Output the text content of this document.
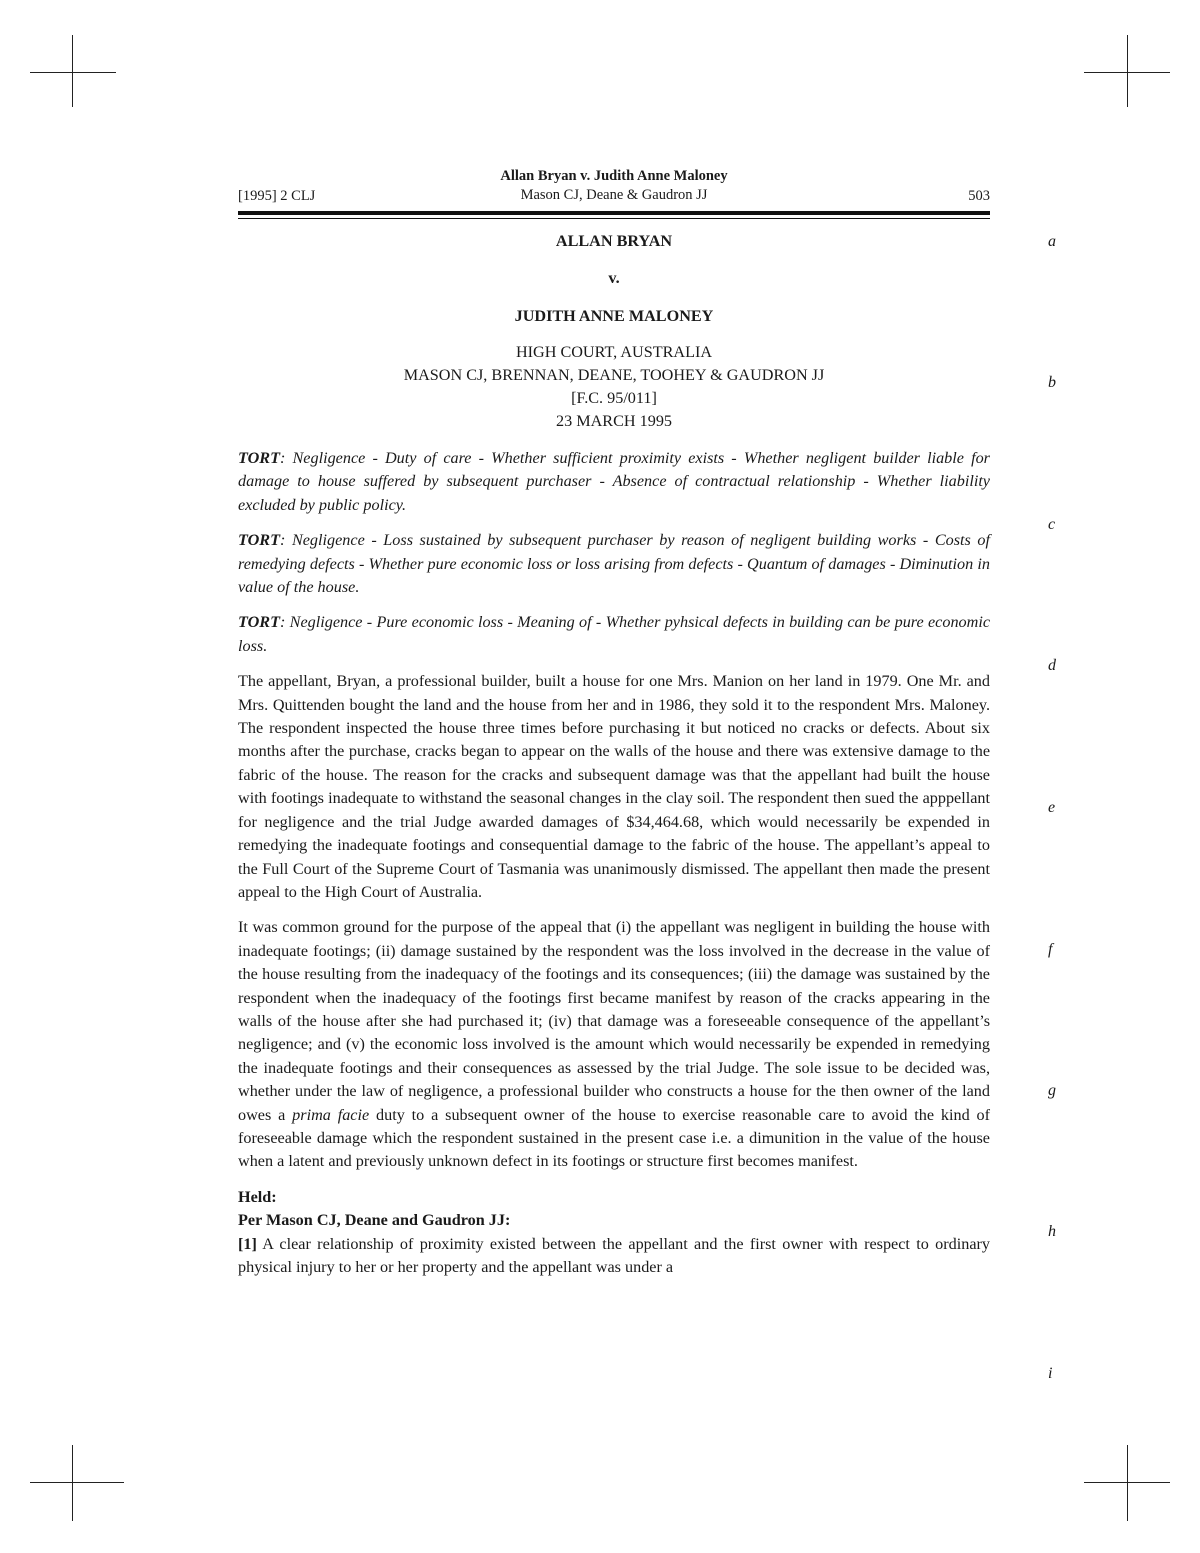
[1995] 2 CLJ
Allan Bryan v. Judith Anne Maloney
Mason CJ, Deane & Gaudron JJ	503
a
b
c
d
e
f
g
h
i

ALLAN BRYAN

v.

JUDITH ANNE MALONEY

HIGH COURT, AUSTRALIA

MASON CJ, BRENNAN, DEANE, TOOHEY & GAUDRON JJ

[F.C. 95/011]

23 MARCH 1995

TORT: Negligence - Duty of care - Whether sufficient proximity exists - Whether negligent builder liable for damage to house suffered by subsequent purchaser - Absence of contractual relationship - Whether liability excluded by public policy.

TORT: Negligence - Loss sustained by subsequent purchaser by reason of negligent building works - Costs of remedying defects - Whether pure economic loss or loss arising from defects - Quantum of damages - Diminution in value of the house.

TORT: Negligence - Pure economic loss - Meaning of - Whether pyhsical defects in building can be pure economic loss.

The appellant, Bryan, a professional builder, built a house for one Mrs. Manion on her land in 1979. One Mr. and Mrs. Quittenden bought the land and the house from her and in 1986, they sold it to the respondent Mrs. Maloney. The respondent inspected the house three times before purchasing it but noticed no cracks or defects. About six months after the purchase, cracks began to appear on the walls of the house and there was extensive damage to the fabric of the house. The reason for the cracks and subsequent damage was that the appellant had built the house with footings inadequate to withstand the seasonal changes in the clay soil. The respondent then sued the apppellant for negligence and the trial Judge awarded damages of $34,464.68, which would necessarily be expended in remedying the inadequate footings and consequential damage to the fabric of the house. The appellant’s appeal to the Full Court of the Supreme Court of Tasmania was unanimously dismissed. The appellant then made the present appeal to the High Court of Australia.

It was common ground for the purpose of the appeal that (i) the appellant was negligent in building the house with inadequate footings; (ii) damage sustained by the respondent was the loss involved in the decrease in the value of the house resulting from the inadequacy of the footings and its consequences; (iii) the damage was sustained by the respondent when the inadequacy of the footings first became manifest by reason of the cracks appearing in the walls of the house after she had purchased it; (iv) that damage was a foreseeable consequence of the appellant’s negligence; and (v) the economic loss involved is the amount which would necessarily be expended in remedying the inadequate footings and their consequences as assessed by the trial Judge. The sole issue to be decided was, whether under the law of negligence, a professional builder who constructs a house for the then owner of the land owes a prima facie duty to a subsequent owner of the house to exercise reasonable care to avoid the kind of foreseeable damage which the respondent sustained in the present case i.e. a dimunition in the value of the house when a latent and previously unknown defect in its footings or structure first becomes manifest.

Held:

Per Mason CJ, Deane and Gaudron JJ:

[1] A clear relationship of proximity existed between the appellant and the first owner with respect to ordinary physical injury to her or her property and the appellant was under a
